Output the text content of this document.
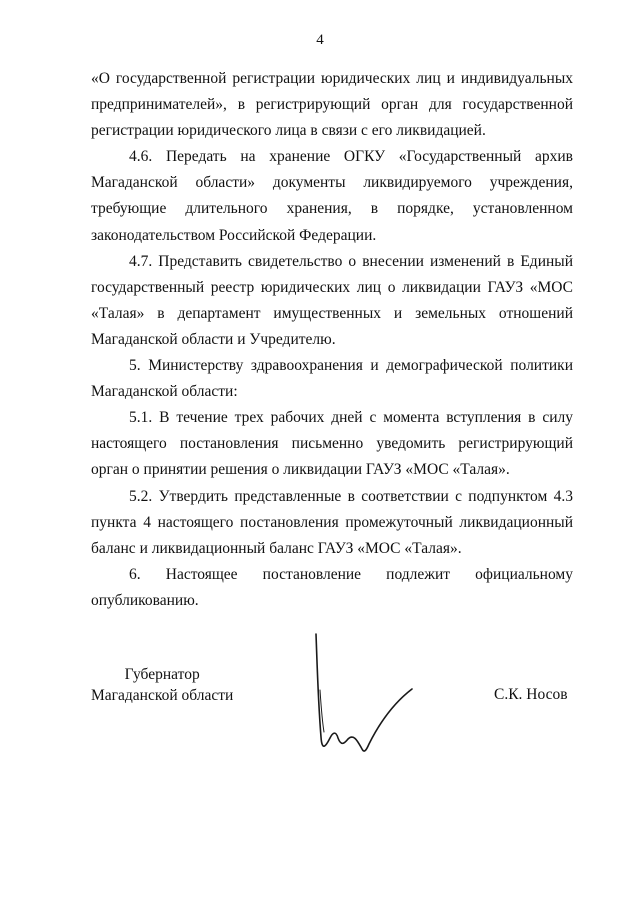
4

«О государственной регистрации юридических лиц и индивидуальных предпринимателей», в регистрирующий орган для государственной регистрации юридического лица в связи с его ликвидацией.

4.6. Передать на хранение ОГКУ «Государственный архив Магаданской области» документы ликвидируемого учреждения, требующие длительного хранения, в порядке, установленном законодательством Российской Федерации.

4.7. Представить свидетельство о внесении изменений в Единый государственный реестр юридических лиц о ликвидации ГАУЗ «МОС «Талая» в департамент имущественных и земельных отношений Магаданской области и Учредителю.

5. Министерству здравоохранения и демографической политики Магаданской области:

5.1. В течение трех рабочих дней с момента вступления в силу настоящего постановления письменно уведомить регистрирующий орган о принятии решения о ликвидации ГАУЗ «МОС «Талая».

5.2. Утвердить представленные в соответствии с подпунктом 4.3 пункта 4 настоящего постановления промежуточный ликвидационный баланс и ликвидационный баланс ГАУЗ «МОС «Талая».

6. Настоящее постановление подлежит официальному опубликованию.

Губернатор
Магаданской области	С.К. Носов
